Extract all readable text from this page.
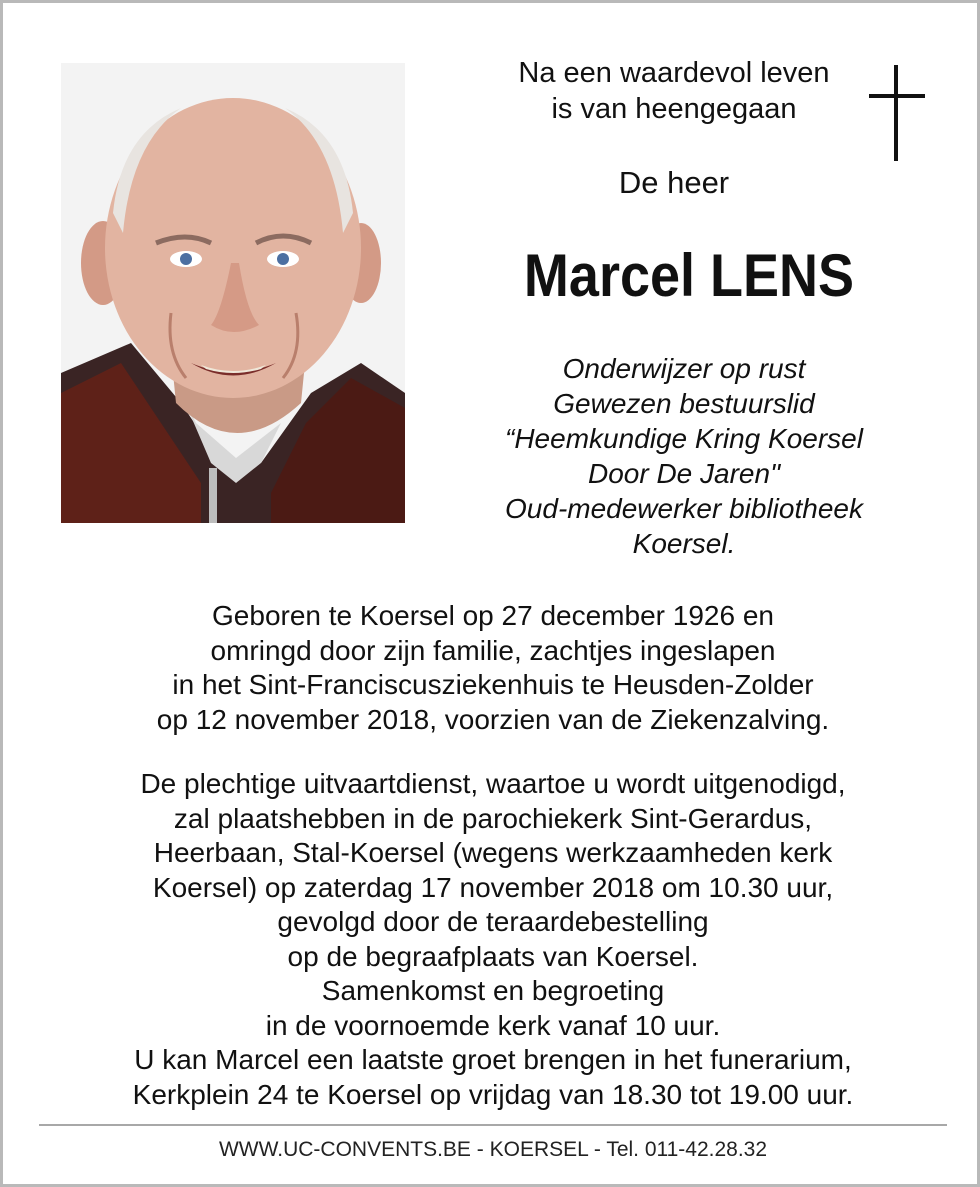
Na een waardevol leven
is van heengegaan
De heer
Marcel LENS
Onderwijzer op rust
Gewezen bestuurslid
“Heemkundige Kring Koersel
Door De Jaren"
Oud-medewerker bibliotheek
Koersel.
Geboren te Koersel op 27 december 1926 en
omringd door zijn familie, zachtjes ingeslapen
in het Sint-Franciscusziekenhuis te Heusden-Zolder
op 12 november 2018, voorzien van de Ziekenzalving.
De plechtige uitvaartdienst, waartoe u wordt uitgenodigd,
zal plaatshebben in de parochiekerk Sint-Gerardus,
Heerbaan, Stal-Koersel (wegens werkzaamheden kerk
Koersel) op zaterdag 17 november 2018 om 10.30 uur,
gevolgd door de teraardebestelling
op de begraafplaats van Koersel.
Samenkomst en begroeting
in de voornoemde kerk vanaf 10 uur.
U kan Marcel een laatste groet brengen in het funerarium,
Kerkplein 24 te Koersel op vrijdag van 18.30 tot 19.00 uur.
WWW.UC-CONVENTS.BE - KOERSEL - Tel. 011-42.28.32
